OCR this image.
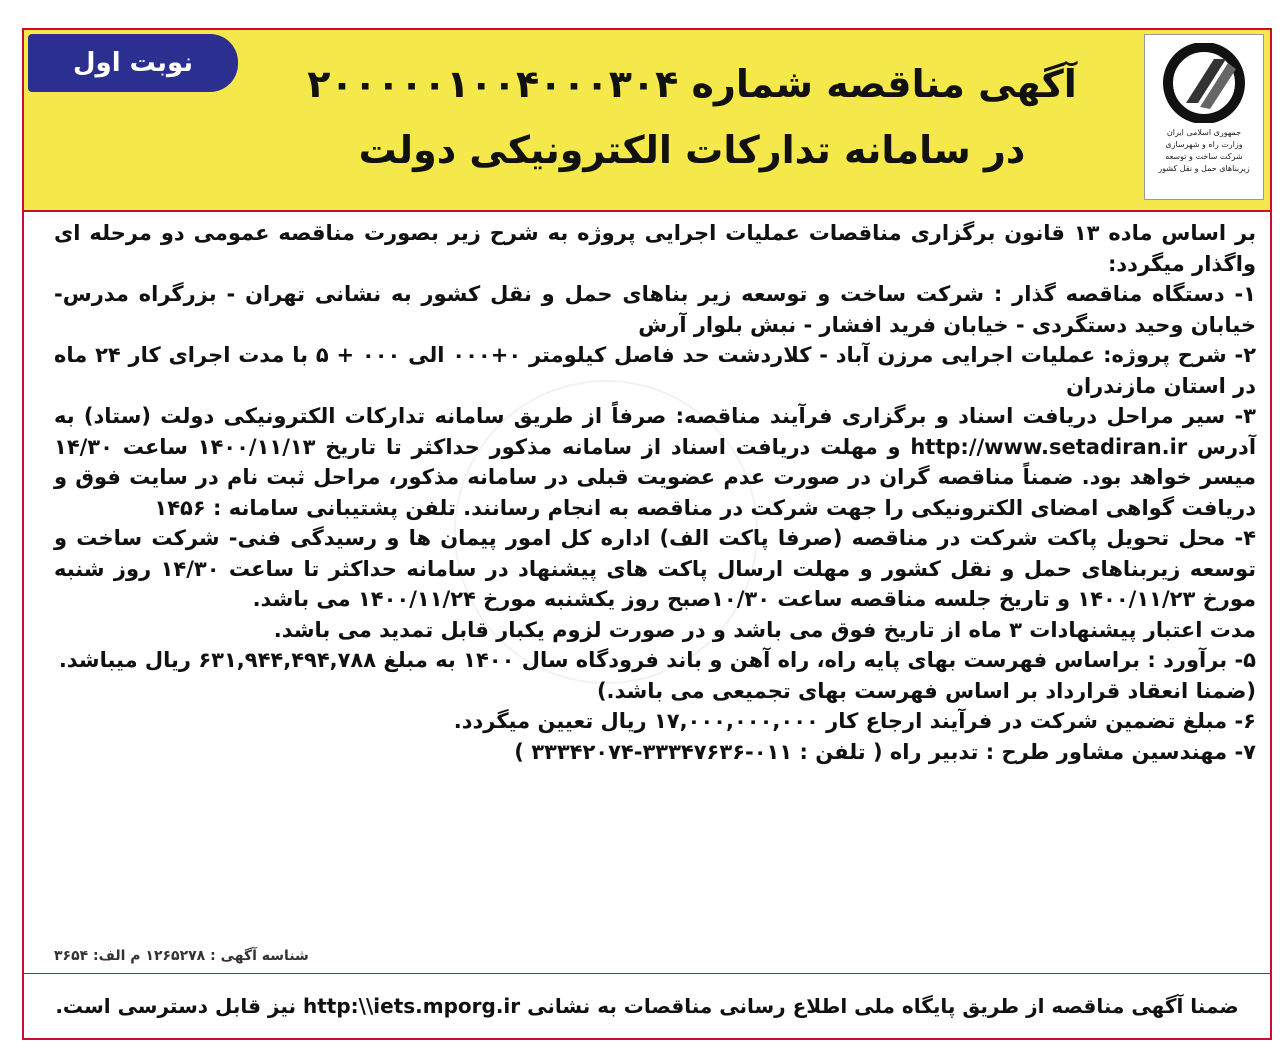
نوبت اول	آگهی مناقصه شماره ۲۰۰۰۰۰۱۰۰۴۰۰۰۳۰۴
در سامانه تدارکات الکترونیکی دولت	جمهوری اسلامی ایران
وزارت راه و شهرسازی
شرکت ساخت و توسعه زیربناهای حمل و نقل کشور

بر اساس ماده ۱۳ قانون برگزاری مناقصات عملیات اجرایی پروژه به شرح زیر بصورت مناقصه عمومی دو مرحله ای واگذار میگردد:

۱- دستگاه مناقصه گذار : شرکت ساخت و توسعه زیر بناهای حمل و نقل کشور به نشانی تهران - بزرگراه مدرس- خیابان وحید دستگردی - خیابان فرید افشار - نبش بلوار آرش

۲- شرح پروژه: عملیات اجرایی مرزن آباد - کلاردشت حد فاصل کیلومتر ۰+۰۰۰ الی ۰۰۰ + ۵ با مدت اجرای کار ۲۴ ماه در استان مازندران

۳- سیر مراحل دریافت اسناد و برگزاری فرآیند مناقصه: صرفاً از طریق سامانه تدارکات الکترونیکی دولت (ستاد) به آدرس http://www.setadiran.ir و مهلت دریافت اسناد از سامانه مذکور حداکثر تا تاریخ ۱۴۰۰/۱۱/۱۳ ساعت ۱۴/۳۰ میسر خواهد بود. ضمناً مناقصه گران در صورت عدم عضویت قبلی در سامانه مذکور، مراحل ثبت نام در سایت فوق و دریافت گواهی امضای الکترونیکی را جهت شرکت در مناقصه به انجام رسانند. تلفن پشتیبانی سامانه : ۱۴۵۶

۴- محل تحویل پاکت شرکت در مناقصه (صرفا پاکت الف) اداره کل امور پیمان ها و رسیدگی فنی- شرکت ساخت و توسعه زیربناهای حمل و نقل کشور و مهلت ارسال پاکت های پیشنهاد در سامانه حداکثر تا ساعت ۱۴/۳۰ روز شنبه مورخ ۱۴۰۰/۱۱/۲۳ و تاریخ جلسه مناقصه ساعت ۱۰/۳۰صبح روز یکشنبه مورخ ۱۴۰۰/۱۱/۲۴ می باشد.

مدت اعتبار پیشنهادات ۳ ماه از تاریخ فوق می باشد و در صورت لزوم یکبار قابل تمدید می باشد.

۵- برآورد : براساس فهرست بهای پایه راه، راه آهن و باند فرودگاه سال ۱۴۰۰ به مبلغ ۶۳۱,۹۴۴,۴۹۴,۷۸۸ ریال میباشد.

(ضمنا انعقاد قرارداد بر اساس فهرست بهای تجمیعی می باشد.)

۶- مبلغ تضمین شرکت در فرآیند ارجاع کار ۱۷,۰۰۰,۰۰۰,۰۰۰ ریال تعیین میگردد.

۷- مهندسین مشاور طرح : تدبیر راه ( تلفن : ۰۱۱-۳۳۳۴۷۶۳۶-۳۳۳۴۲۰۷۴ )

شناسه آگهی : ۱۲۶۵۲۷۸ م الف: ۳۶۵۴
ضمنا آگهی مناقصه از طریق پایگاه ملی اطلاع رسانی مناقصات به نشانی

http:\\iets.mporg.ir

نیز قابل دسترسی است.
